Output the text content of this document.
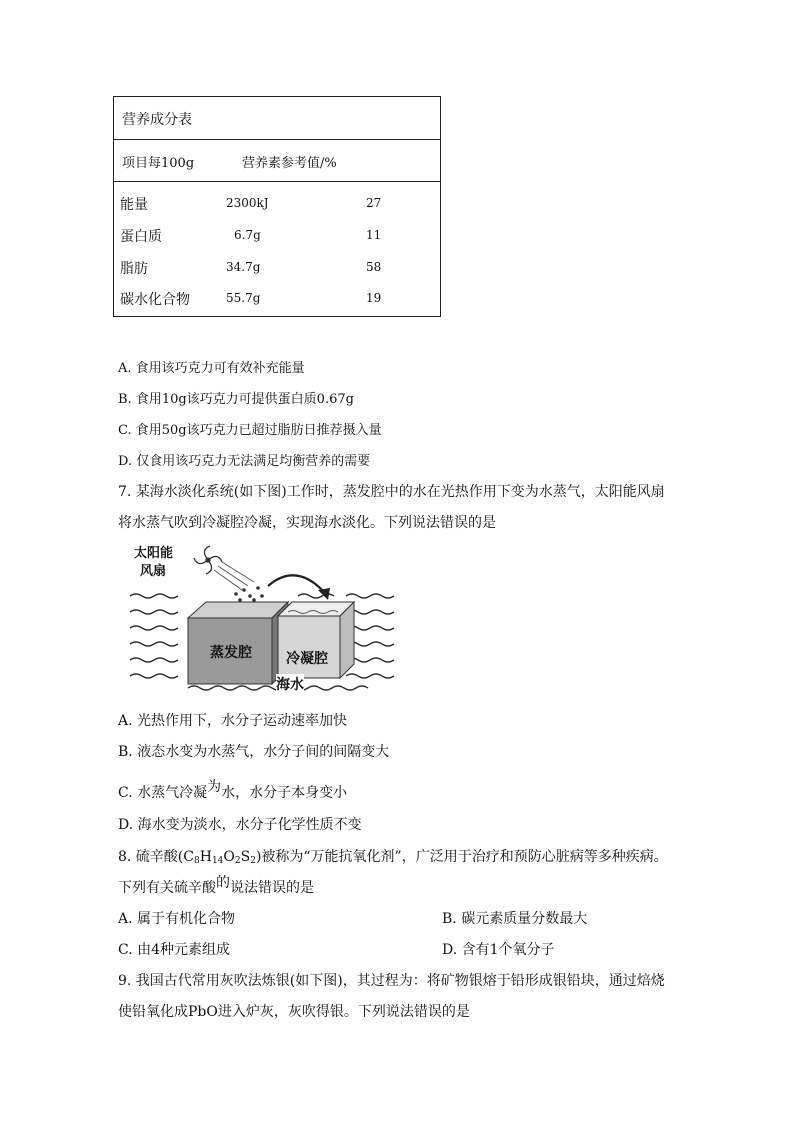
营养成分表
项目每100g	营养素参考值/%
能量	2300kJ	27
蛋白质	6.7g	11
脂肪	34.7g	58
碳水化合物	55.7g	19
A. 食用该巧克力可有效补充能量
B. 食用10g该巧克力可提供蛋白质0.67g
C. 食用50g该巧克力已超过脂肪日推荐摄入量
D. 仅食用该巧克力无法满足均衡营养的需要
7. 某海水淡化系统(如下图)工作时，蒸发腔中的水在光热作用下变为水蒸气，太阳能风扇
将水蒸气吹到冷凝腔冷凝，实现海水淡化。下列说法错误的是
太阳能
风扇
蒸发腔 冷凝腔
海水
A. 光热作用下，水分子运动速率加快
B. 液态水变为水蒸气，水分子间的间隔变大
C. 水蒸气冷凝为水，水分子本身变小
D. 海水变为淡水，水分子化学性质不变
8. 硫辛酸$(C_8H_{14}O_2S_2)$被称为“万能抗氧化剂”，广泛用于治疗和预防心脏病等多种疾病。
下列有关硫辛酸的说法错误的是
A. 属于有机化合物	B. 碳元素质量分数最大
C. 由4种元素组成	D. 含有1个氧分子
9. 我国古代常用灰吹法炼银(如下图)，其过程为：将矿物银熔于铅形成银铅块，通过焙烧
使铅氧化成PbO进入炉灰，灰吹得银。下列说法错误的是
